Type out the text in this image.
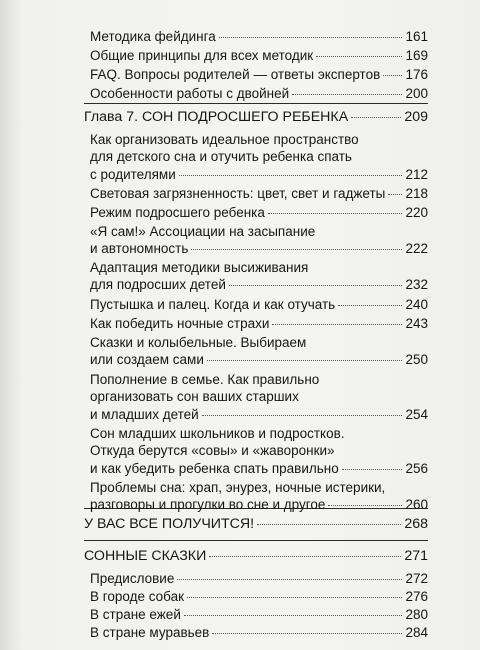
Методика фейдинга	161
Общие принципы для всех методик	169
FAQ. Вопросы родителей — ответы экспертов 176
Особенности работы с двойней	200
Глава 7. СОН ПОДРОСШЕГО РЕБЕНКА	209
Как организовать идеальное пространство
для детского сна и отучить ребенка спать
с родителями	212
Световая загрязненность: цвет, свет и гаджеты 218
Режим подросшего ребенка	220
«Я сам!» Ассоциации на засыпание
и автономность	222
Адаптация методики высиживания
для подросших детей	232
Пустышка и палец. Когда и как отучать	240
Как победить ночные страхи	243
Сказки и колыбельные. Выбираем
или создаем сами	250
Пополнение в семье. Как правильно
организовать сон ваших старших
и младших детей	254
Сон младших школьников и подростков.
Откуда берутся «совы» и «жаворонки»
и как убедить ребенка спать правильно	256
Проблемы сна: храп, энурез, ночные истерики,
разговоры и прогулки во сне и другое	260
У ВАС ВСЕ ПОЛУЧИТСЯ!	268
СОННЫЕ СКАЗКИ	271
Предисловие	272
В городе собак	276
В стране ежей	280
В стране муравьев	284
